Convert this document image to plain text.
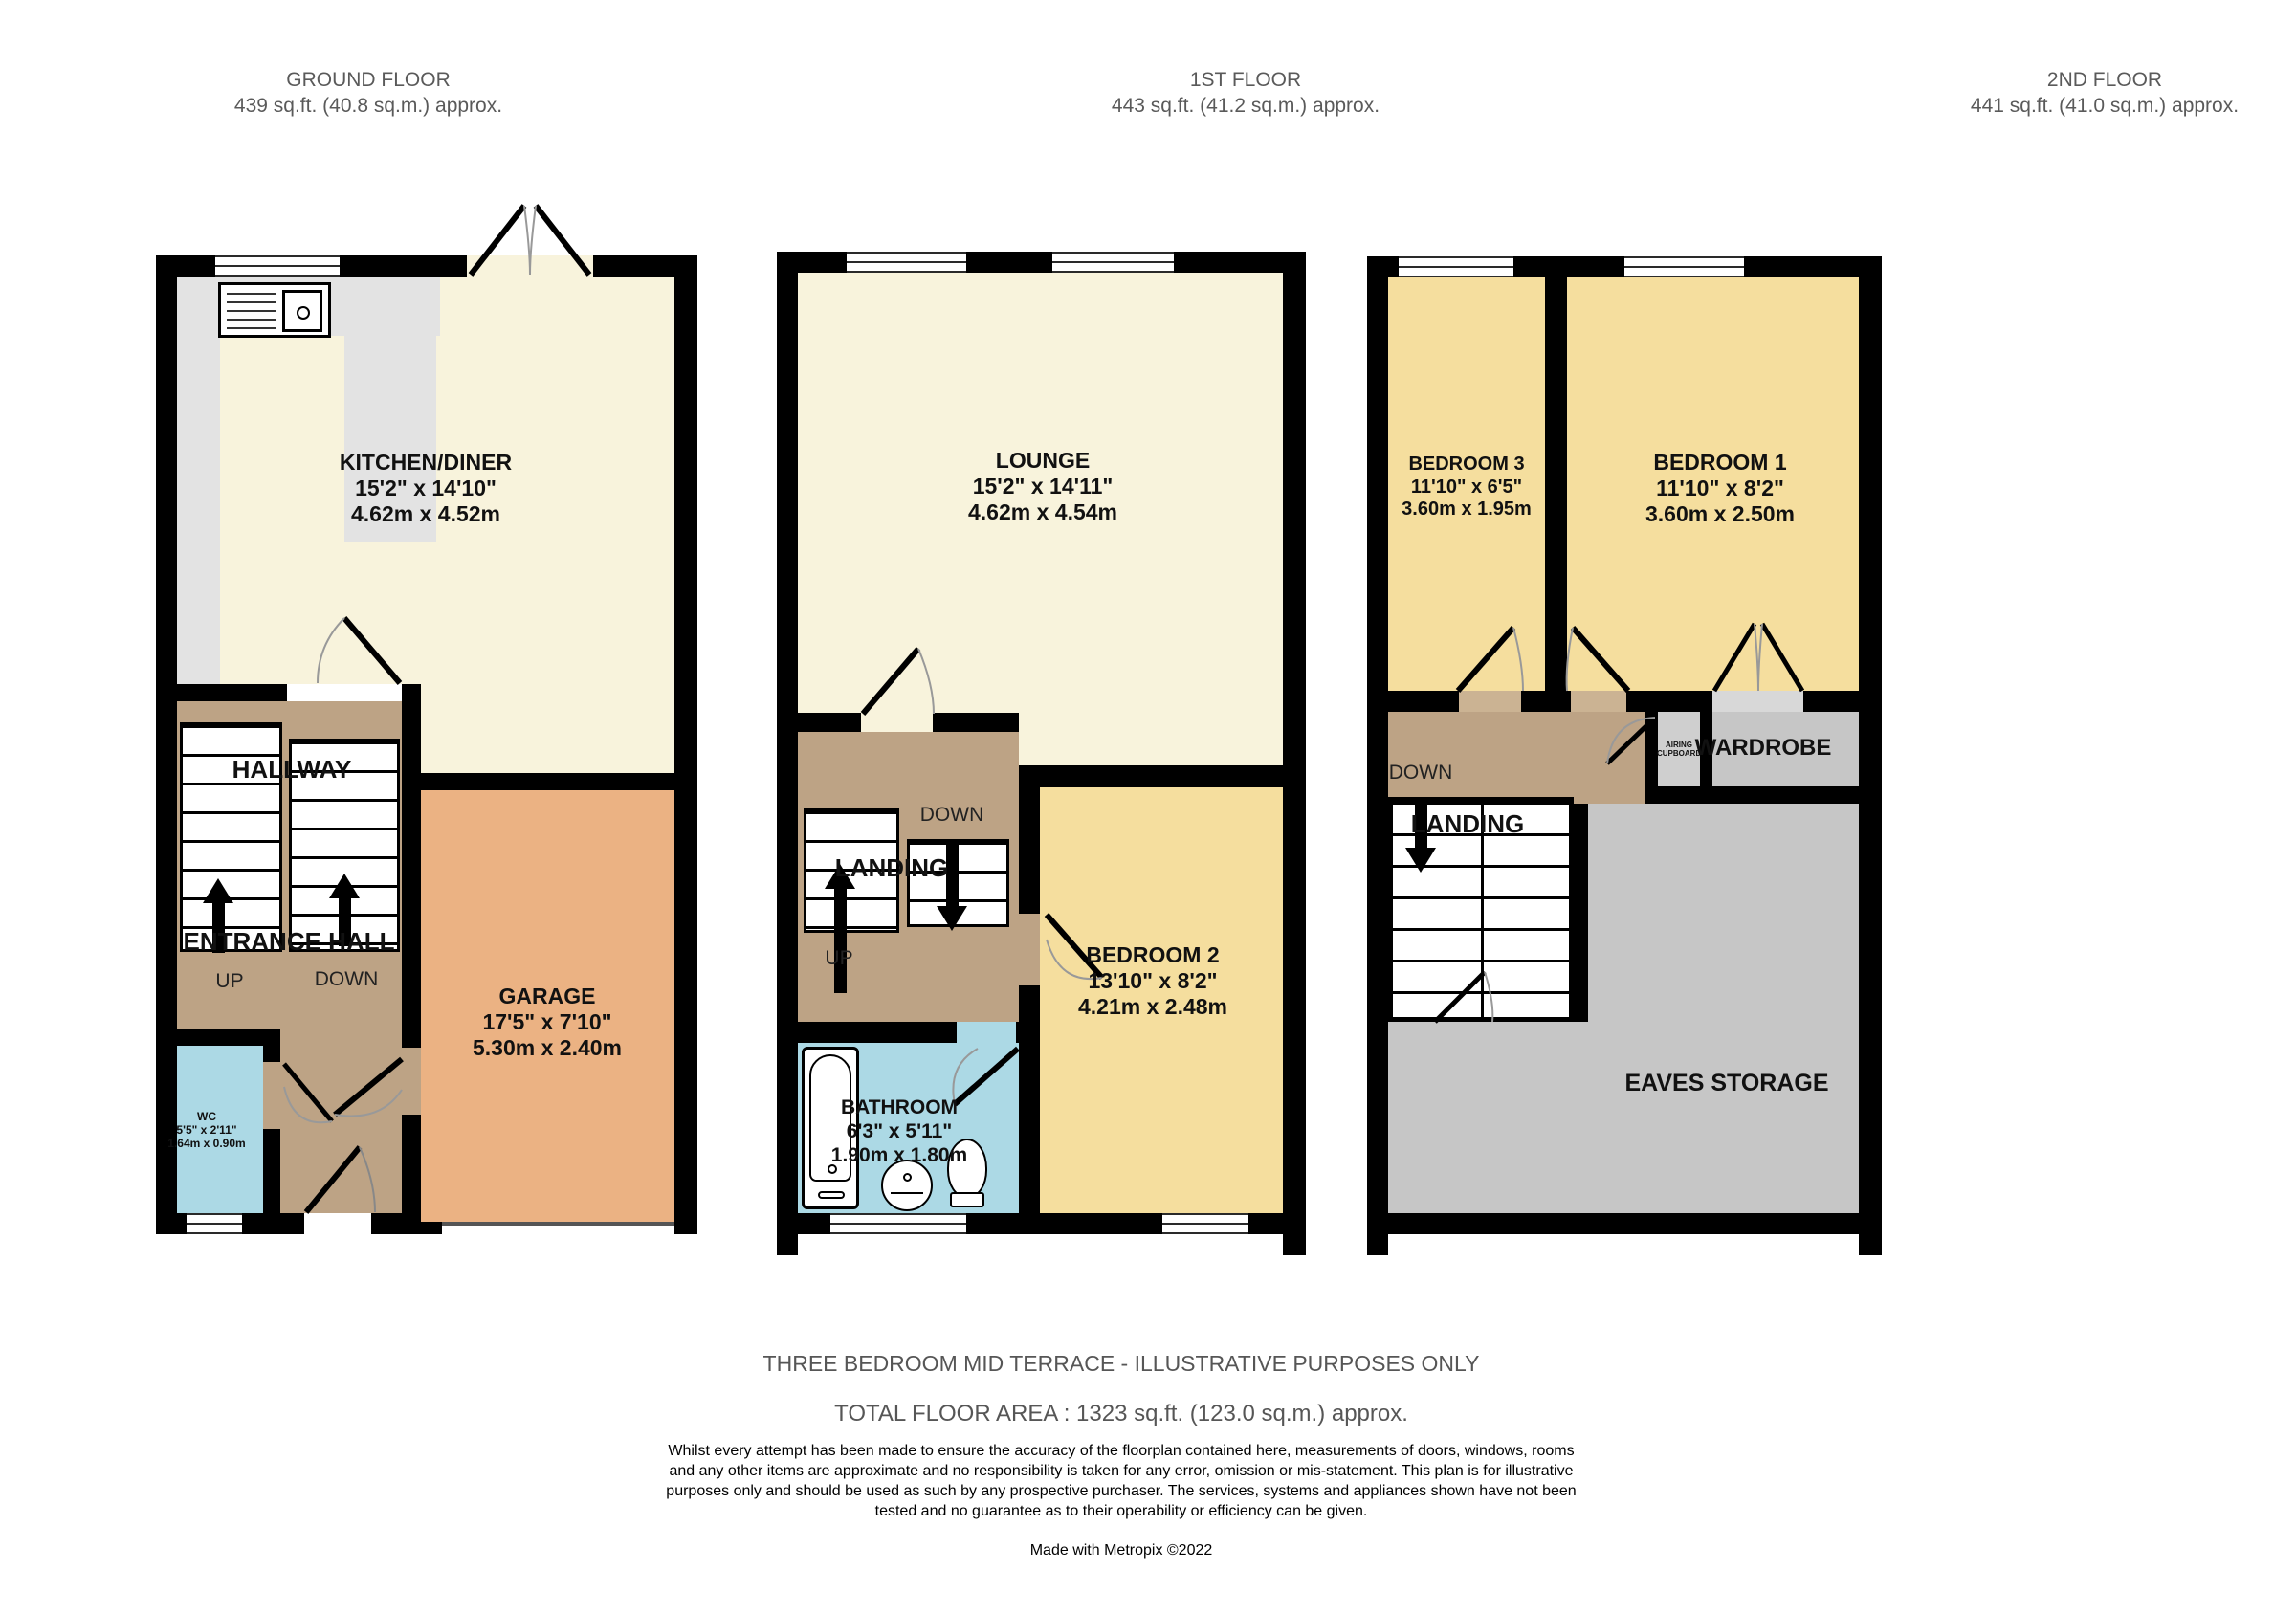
GROUND FLOOR
439 sq.ft. (40.8 sq.m.) approx.
1ST FLOOR
443 sq.ft. (41.2 sq.m.) approx.
2ND FLOOR
441 sq.ft. (41.0 sq.m.) approx.
KITCHEN/DINER
15'2" x 14'10"
4.62m x 4.52m
HALLWAY
ENTRANCE HALL
UP	DOWN
GARAGE
17'5" x 7'10"
5.30m x 2.40m
WC
5'5" x 2'11"
1.64m x 0.90m
LOUNGE
15'2" x 14'11"
4.62m x 4.54m
DOWN
LANDING
UP	BEDROOM 2
13'10" x 8'2"
4.21m x 2.48m
BATHROOM
6'3" x 5'11"
1.90m x 1.80m
BEDROOM 3
11'10" x 6'5"
3.60m x 1.95m
BEDROOM 1
11'10" x 8'2"
3.60m x 2.50m
DOWN
LANDING
AIRING CUPBOARD
WARDROBE
EAVES STORAGE
THREE BEDROOM MID TERRACE - ILLUSTRATIVE PURPOSES ONLY
TOTAL FLOOR AREA : 1323 sq.ft. (123.0 sq.m.) approx.
Whilst every attempt has been made to ensure the accuracy of the floorplan contained here, measurements of doors, windows, rooms and any other items are approximate and no responsibility is taken for any error, omission or mis-statement. This plan is for illustrative purposes only and should be used as such by any prospective purchaser. The services, systems and appliances shown have not been tested and no guarantee as to their operability or efficiency can be given.
Made with Metropix ©2022
